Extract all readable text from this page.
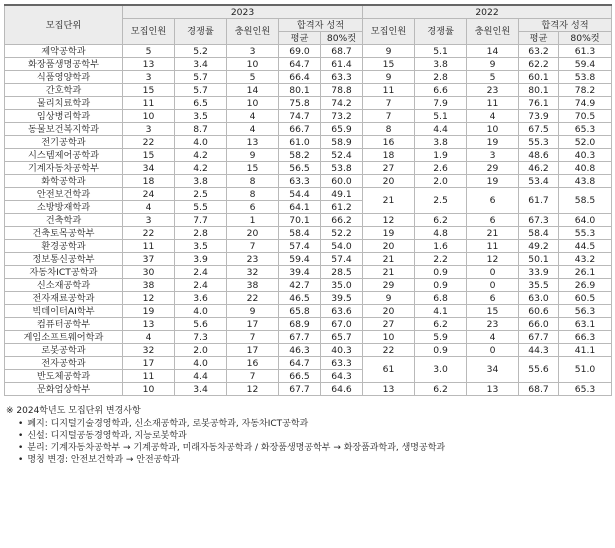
모집단위	2023					2022				
	모집인원	경쟁률	충원인원	합격자 성적		모집인원	경쟁률	충원인원	합격자 성적	
				평균	80%컷				평균	80%컷
제약공학과	5	5.2	3	69.0	68.7	9	5.1	14	63.2	61.3
화장품생명공학부	13	3.4	10	64.7	61.4	15	3.8	9	62.2	59.4
식품영양학과	3	5.7	5	66.4	63.3	9	2.8	5	60.1	53.8
간호학과	15	5.7	14	80.1	78.8	11	6.6	23	80.1	78.2
물리치료학과	11	6.5	10	75.8	74.2	7	7.9	11	76.1	74.9
임상병리학과	10	3.5	4	74.7	73.2	7	5.1	4	73.9	70.5
동물보건복지학과	3	8.7	4	66.7	65.9	8	4.4	10	67.5	65.3
전기공학과	22	4.0	13	61.0	58.9	16	3.8	19	55.3	52.0
시스템제어공학과	15	4.2	9	58.2	52.4	18	1.9	3	48.6	40.3
기계자동차공학부	34	4.2	15	56.5	53.8	27	2.6	29	46.2	40.8
화학공학과	18	3.8	8	63.3	60.0	20	2.0	19	53.4	43.8
안전보건학과	24	2.5	8	54.4	49.1	21	2.5	6	61.7	58.5
소방방재학과	4	5.5	6	64.1	61.2					
건축학과	3	7.7	1	70.1	66.2	12	6.2	6	67.3	64.0
건축토목공학부	22	2.8	20	58.4	52.2	19	4.8	21	58.4	55.3
환경공학과	11	3.5	7	57.4	54.0	20	1.6	11	49.2	44.5
정보통신공학부	37	3.9	23	59.4	57.4	21	2.2	12	50.1	43.2
자동차ICT공학과	30	2.4	32	39.4	28.5	21	0.9	0	33.9	26.1
신소재공학과	38	2.4	38	42.7	35.0	29	0.9	0	35.5	26.9
전자재료공학과	12	3.6	22	46.5	39.5	9	6.8	6	63.0	60.5
빅데이터AI학부	19	4.0	9	65.8	63.6	20	4.1	15	60.6	56.3
컴퓨터공학부	13	5.6	17	68.9	67.0	27	6.2	23	66.0	63.1
게임소프트웨어학과	4	7.3	7	67.7	65.7	10	5.9	4	67.7	66.3
로봇공학과	32	2.0	17	46.3	40.3	22	0.9	0	44.3	41.1
전자공학과	17	4.0	16	64.7	63.3	61	3.0	34	55.6	51.0
반도체공학과	11	4.4	7	66.5	64.3					
문화엄상학부	10	3.4	12	67.7	64.6	13	6.2	13	68.7	65.3
※ 2024학년도 모집단위 변경사항
• 폐지: 디지털기술경영학과, 신소재공학과, 로봇공학과, 자동차ICT공학과
• 신설: 디지털공동경영학과, 지능로봇학과
• 분리: 기계자동차공학부 → 기계공학과, 미래자동차공학과 / 화장품생명공학부 → 화장품과학과, 생명공학과
• 명칭 변경: 안전보건학과 → 안전공학과
